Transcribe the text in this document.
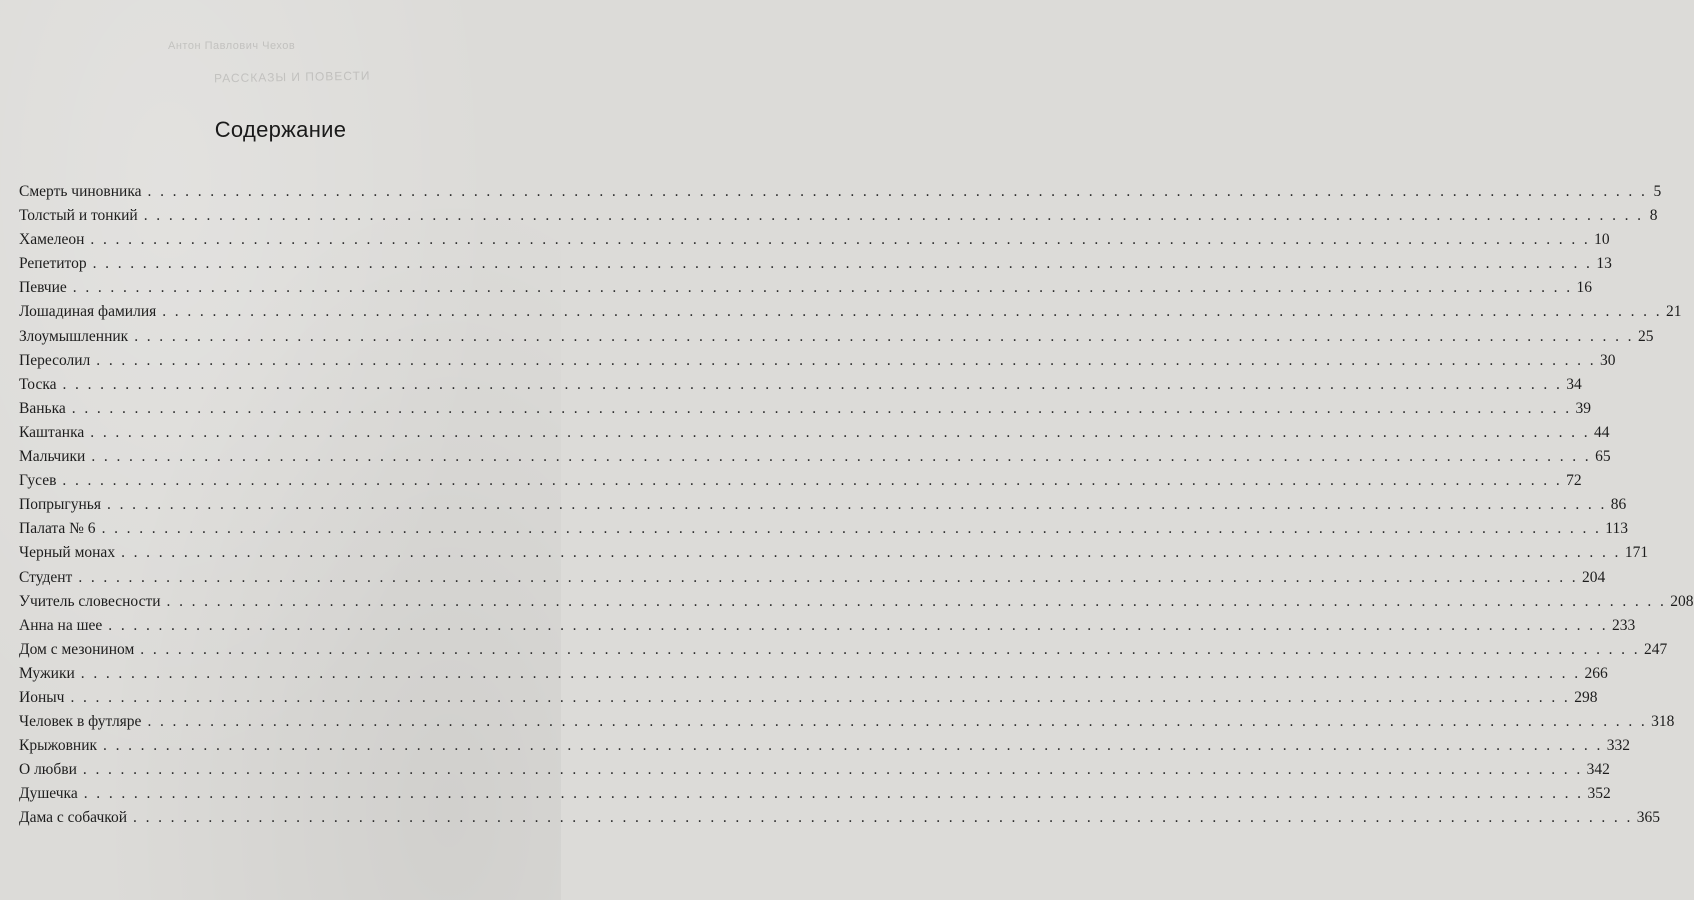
Антон Павлович Чехов
РАССКАЗЫ И ПОВЕСТИ
Содержание
Смерть чиновника . . . . . . . . . . . . . . . . . . . . . . . . . . . . . . . . . . . . . . . . . . . . . . . . . . . . . . . . . . . . . . . . . . . . . . . . . . . . . . . . . . . . . . . . . . . . . . . . . . . . . . . . . . . . . . . . . . . . . . . . 5
Толстый и тонкий . . . . . . . . . . . . . . . . . . . . . . . . . . . . . . . . . . . . . . . . . . . . . . . . . . . . . . . . . . . . . . . . . . . . . . . . . . . . . . . . . . . . . . . . . . . . . . . . . . . . . . . . . . . . . . . . . . . . . . . . 8
Хамелеон . . . . . . . . . . . . . . . . . . . . . . . . . . . . . . . . . . . . . . . . . . . . . . . . . . . . . . . . . . . . . . . . . . . . . . . . . . . . . . . . . . . . . . . . . . . . . . . . . . . . . . . . . . . . . . . . . . . . . . . . 10
Репетитор . . . . . . . . . . . . . . . . . . . . . . . . . . . . . . . . . . . . . . . . . . . . . . . . . . . . . . . . . . . . . . . . . . . . . . . . . . . . . . . . . . . . . . . . . . . . . . . . . . . . . . . . . . . . . . . . . . . . . . . . 13
Певчие . . . . . . . . . . . . . . . . . . . . . . . . . . . . . . . . . . . . . . . . . . . . . . . . . . . . . . . . . . . . . . . . . . . . . . . . . . . . . . . . . . . . . . . . . . . . . . . . . . . . . . . . . . . . . . . . . . . . . . . . 16
Лошадиная фамилия . . . . . . . . . . . . . . . . . . . . . . . . . . . . . . . . . . . . . . . . . . . . . . . . . . . . . . . . . . . . . . . . . . . . . . . . . . . . . . . . . . . . . . . . . . . . . . . . . . . . . . . . . . . . . . . . . . . . . . . . 21
Злоумышленник . . . . . . . . . . . . . . . . . . . . . . . . . . . . . . . . . . . . . . . . . . . . . . . . . . . . . . . . . . . . . . . . . . . . . . . . . . . . . . . . . . . . . . . . . . . . . . . . . . . . . . . . . . . . . . . . . . . . . . . . 25
Пересолил . . . . . . . . . . . . . . . . . . . . . . . . . . . . . . . . . . . . . . . . . . . . . . . . . . . . . . . . . . . . . . . . . . . . . . . . . . . . . . . . . . . . . . . . . . . . . . . . . . . . . . . . . . . . . . . . . . . . . . . . 30
Тоска . . . . . . . . . . . . . . . . . . . . . . . . . . . . . . . . . . . . . . . . . . . . . . . . . . . . . . . . . . . . . . . . . . . . . . . . . . . . . . . . . . . . . . . . . . . . . . . . . . . . . . . . . . . . . . . . . . . . . . . . 34
Ванька . . . . . . . . . . . . . . . . . . . . . . . . . . . . . . . . . . . . . . . . . . . . . . . . . . . . . . . . . . . . . . . . . . . . . . . . . . . . . . . . . . . . . . . . . . . . . . . . . . . . . . . . . . . . . . . . . . . . . . . . 39
Каштанка . . . . . . . . . . . . . . . . . . . . . . . . . . . . . . . . . . . . . . . . . . . . . . . . . . . . . . . . . . . . . . . . . . . . . . . . . . . . . . . . . . . . . . . . . . . . . . . . . . . . . . . . . . . . . . . . . . . . . . . . 44
Мальчики . . . . . . . . . . . . . . . . . . . . . . . . . . . . . . . . . . . . . . . . . . . . . . . . . . . . . . . . . . . . . . . . . . . . . . . . . . . . . . . . . . . . . . . . . . . . . . . . . . . . . . . . . . . . . . . . . . . . . . . . 65
Гусев . . . . . . . . . . . . . . . . . . . . . . . . . . . . . . . . . . . . . . . . . . . . . . . . . . . . . . . . . . . . . . . . . . . . . . . . . . . . . . . . . . . . . . . . . . . . . . . . . . . . . . . . . . . . . . . . . . . . . . . . 72
Попрыгунья . . . . . . . . . . . . . . . . . . . . . . . . . . . . . . . . . . . . . . . . . . . . . . . . . . . . . . . . . . . . . . . . . . . . . . . . . . . . . . . . . . . . . . . . . . . . . . . . . . . . . . . . . . . . . . . . . . . . . . . . 86
Палата № 6 . . . . . . . . . . . . . . . . . . . . . . . . . . . . . . . . . . . . . . . . . . . . . . . . . . . . . . . . . . . . . . . . . . . . . . . . . . . . . . . . . . . . . . . . . . . . . . . . . . . . . . . . . . . . . . . . . . . . . . . . 113
Черный монах . . . . . . . . . . . . . . . . . . . . . . . . . . . . . . . . . . . . . . . . . . . . . . . . . . . . . . . . . . . . . . . . . . . . . . . . . . . . . . . . . . . . . . . . . . . . . . . . . . . . . . . . . . . . . . . . . . . . . . . . 171
Студент . . . . . . . . . . . . . . . . . . . . . . . . . . . . . . . . . . . . . . . . . . . . . . . . . . . . . . . . . . . . . . . . . . . . . . . . . . . . . . . . . . . . . . . . . . . . . . . . . . . . . . . . . . . . . . . . . . . . . . . . 204
Учитель словесности . . . . . . . . . . . . . . . . . . . . . . . . . . . . . . . . . . . . . . . . . . . . . . . . . . . . . . . . . . . . . . . . . . . . . . . . . . . . . . . . . . . . . . . . . . . . . . . . . . . . . . . . . . . . . . . . . . . . . . . . 208
Анна на шее . . . . . . . . . . . . . . . . . . . . . . . . . . . . . . . . . . . . . . . . . . . . . . . . . . . . . . . . . . . . . . . . . . . . . . . . . . . . . . . . . . . . . . . . . . . . . . . . . . . . . . . . . . . . . . . . . . . . . . . . 233
Дом с мезонином . . . . . . . . . . . . . . . . . . . . . . . . . . . . . . . . . . . . . . . . . . . . . . . . . . . . . . . . . . . . . . . . . . . . . . . . . . . . . . . . . . . . . . . . . . . . . . . . . . . . . . . . . . . . . . . . . . . . . . . . 247
Мужики . . . . . . . . . . . . . . . . . . . . . . . . . . . . . . . . . . . . . . . . . . . . . . . . . . . . . . . . . . . . . . . . . . . . . . . . . . . . . . . . . . . . . . . . . . . . . . . . . . . . . . . . . . . . . . . . . . . . . . . . 266
Ионыч . . . . . . . . . . . . . . . . . . . . . . . . . . . . . . . . . . . . . . . . . . . . . . . . . . . . . . . . . . . . . . . . . . . . . . . . . . . . . . . . . . . . . . . . . . . . . . . . . . . . . . . . . . . . . . . . . . . . . . . . 298
Человек в футляре . . . . . . . . . . . . . . . . . . . . . . . . . . . . . . . . . . . . . . . . . . . . . . . . . . . . . . . . . . . . . . . . . . . . . . . . . . . . . . . . . . . . . . . . . . . . . . . . . . . . . . . . . . . . . . . . . . . . . . . . 318
Крыжовник . . . . . . . . . . . . . . . . . . . . . . . . . . . . . . . . . . . . . . . . . . . . . . . . . . . . . . . . . . . . . . . . . . . . . . . . . . . . . . . . . . . . . . . . . . . . . . . . . . . . . . . . . . . . . . . . . . . . . . . . 332
О любви . . . . . . . . . . . . . . . . . . . . . . . . . . . . . . . . . . . . . . . . . . . . . . . . . . . . . . . . . . . . . . . . . . . . . . . . . . . . . . . . . . . . . . . . . . . . . . . . . . . . . . . . . . . . . . . . . . . . . . . . 342
Душечка . . . . . . . . . . . . . . . . . . . . . . . . . . . . . . . . . . . . . . . . . . . . . . . . . . . . . . . . . . . . . . . . . . . . . . . . . . . . . . . . . . . . . . . . . . . . . . . . . . . . . . . . . . . . . . . . . . . . . . . . 352
Дама с собачкой . . . . . . . . . . . . . . . . . . . . . . . . . . . . . . . . . . . . . . . . . . . . . . . . . . . . . . . . . . . . . . . . . . . . . . . . . . . . . . . . . . . . . . . . . . . . . . . . . . . . . . . . . . . . . . . . . . . . . . . . 365
